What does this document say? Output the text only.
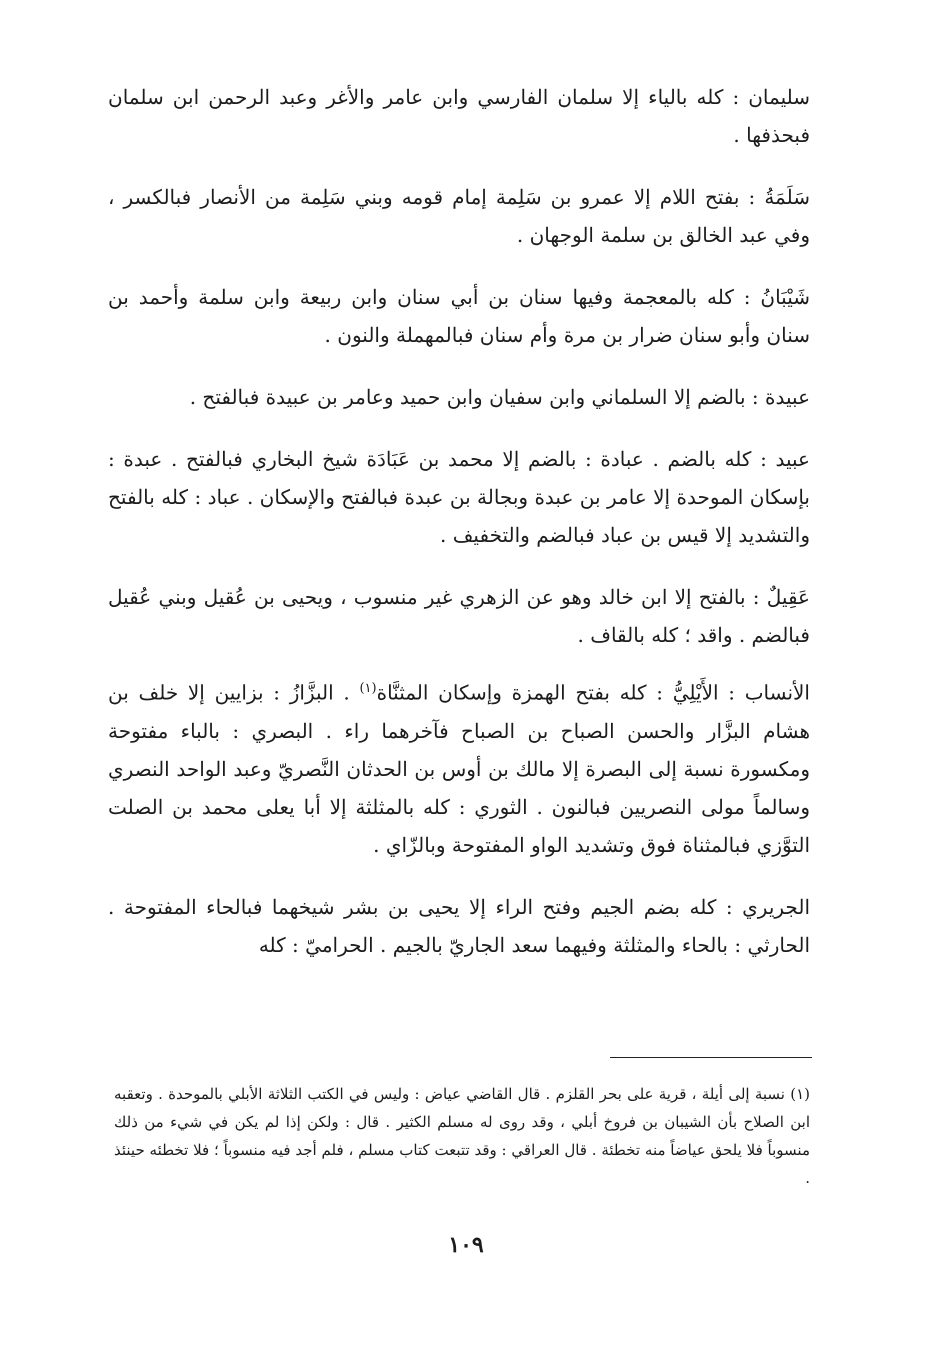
سليمان : كله بالياء إلا سلمان الفارسي وابن عامر والأغر وعبد الرحمن ابن سلمان فبحذفها .

سَلَمَةُ : بفتح اللام إلا عمرو بن سَلِمة إمام قومه وبني سَلِمة من الأنصار فبالكسر ، وفي عبد الخالق بن سلمة الوجهان .

شَيْبَانُ : كله بالمعجمة وفيها سنان بن أبي سنان وابن ربيعة وابن سلمة وأحمد بن سنان وأبو سنان ضرار بن مرة وأم سنان فبالمهملة والنون .

عبيدة : بالضم إلا السلماني وابن سفيان وابن حميد وعامر بن عبيدة فبالفتح .

عبيد : كله بالضم . عبادة : بالضم إلا محمد بن عَبَادَة شيخ البخاري فبالفتح . عبدة : بإسكان الموحدة إلا عامر بن عبدة وبجالة بن عبدة فبالفتح والإسكان . عباد : كله بالفتح والتشديد إلا قيس بن عباد فبالضم والتخفيف .

عَقِيلٌ : بالفتح إلا ابن خالد وهو عن الزهري غير منسوب ، ويحيى بن عُقيل وبني عُقيل فبالضم . واقد ؛ كله بالقاف .

الأنساب : الأَيْلِيُّ : كله بفتح الهمزة وإسكان المثنَّاة$^{(١)}$ . البزَّازُ : بزايين إلا خلف بن هشام البزَّار والحسن الصباح بن الصباح فآخرهما راء . البصري : بالباء مفتوحة ومكسورة نسبة إلى البصرة إلا مالك بن أوس بن الحدثان النَّصريّ وعبد الواحد النصري وسالماً مولى النصريين فبالنون . الثوري : كله بالمثلثة إلا أبا يعلى محمد بن الصلت التوَّزي فبالمثناة فوق وتشديد الواو المفتوحة وبالزّاي .

الجريري : كله بضم الجيم وفتح الراء إلا يحيى بن بشر شيخهما فبالحاء المفتوحة . الحارثي : بالحاء والمثلثة وفيهما سعد الجاريّ بالجيم . الحراميّ : كله

(١) نسبة إلى أيلة ، قرية على بحر القلزم . قال القاضي عياض : وليس في الكتب الثلاثة الأبلي بالموحدة . وتعقبه ابن الصلاح بأن الشيبان بن فروخ أبلي ، وقد روى له مسلم الكثير . قال : ولكن إذا لم يكن في شيء من ذلك منسوباً فلا يلحق عياضاً منه تخطئة . قال العراقي : وقد تتبعت كتاب مسلم ، فلم أجد فيه منسوباً ؛ فلا تخطئه حينئذ .
١٠٩
